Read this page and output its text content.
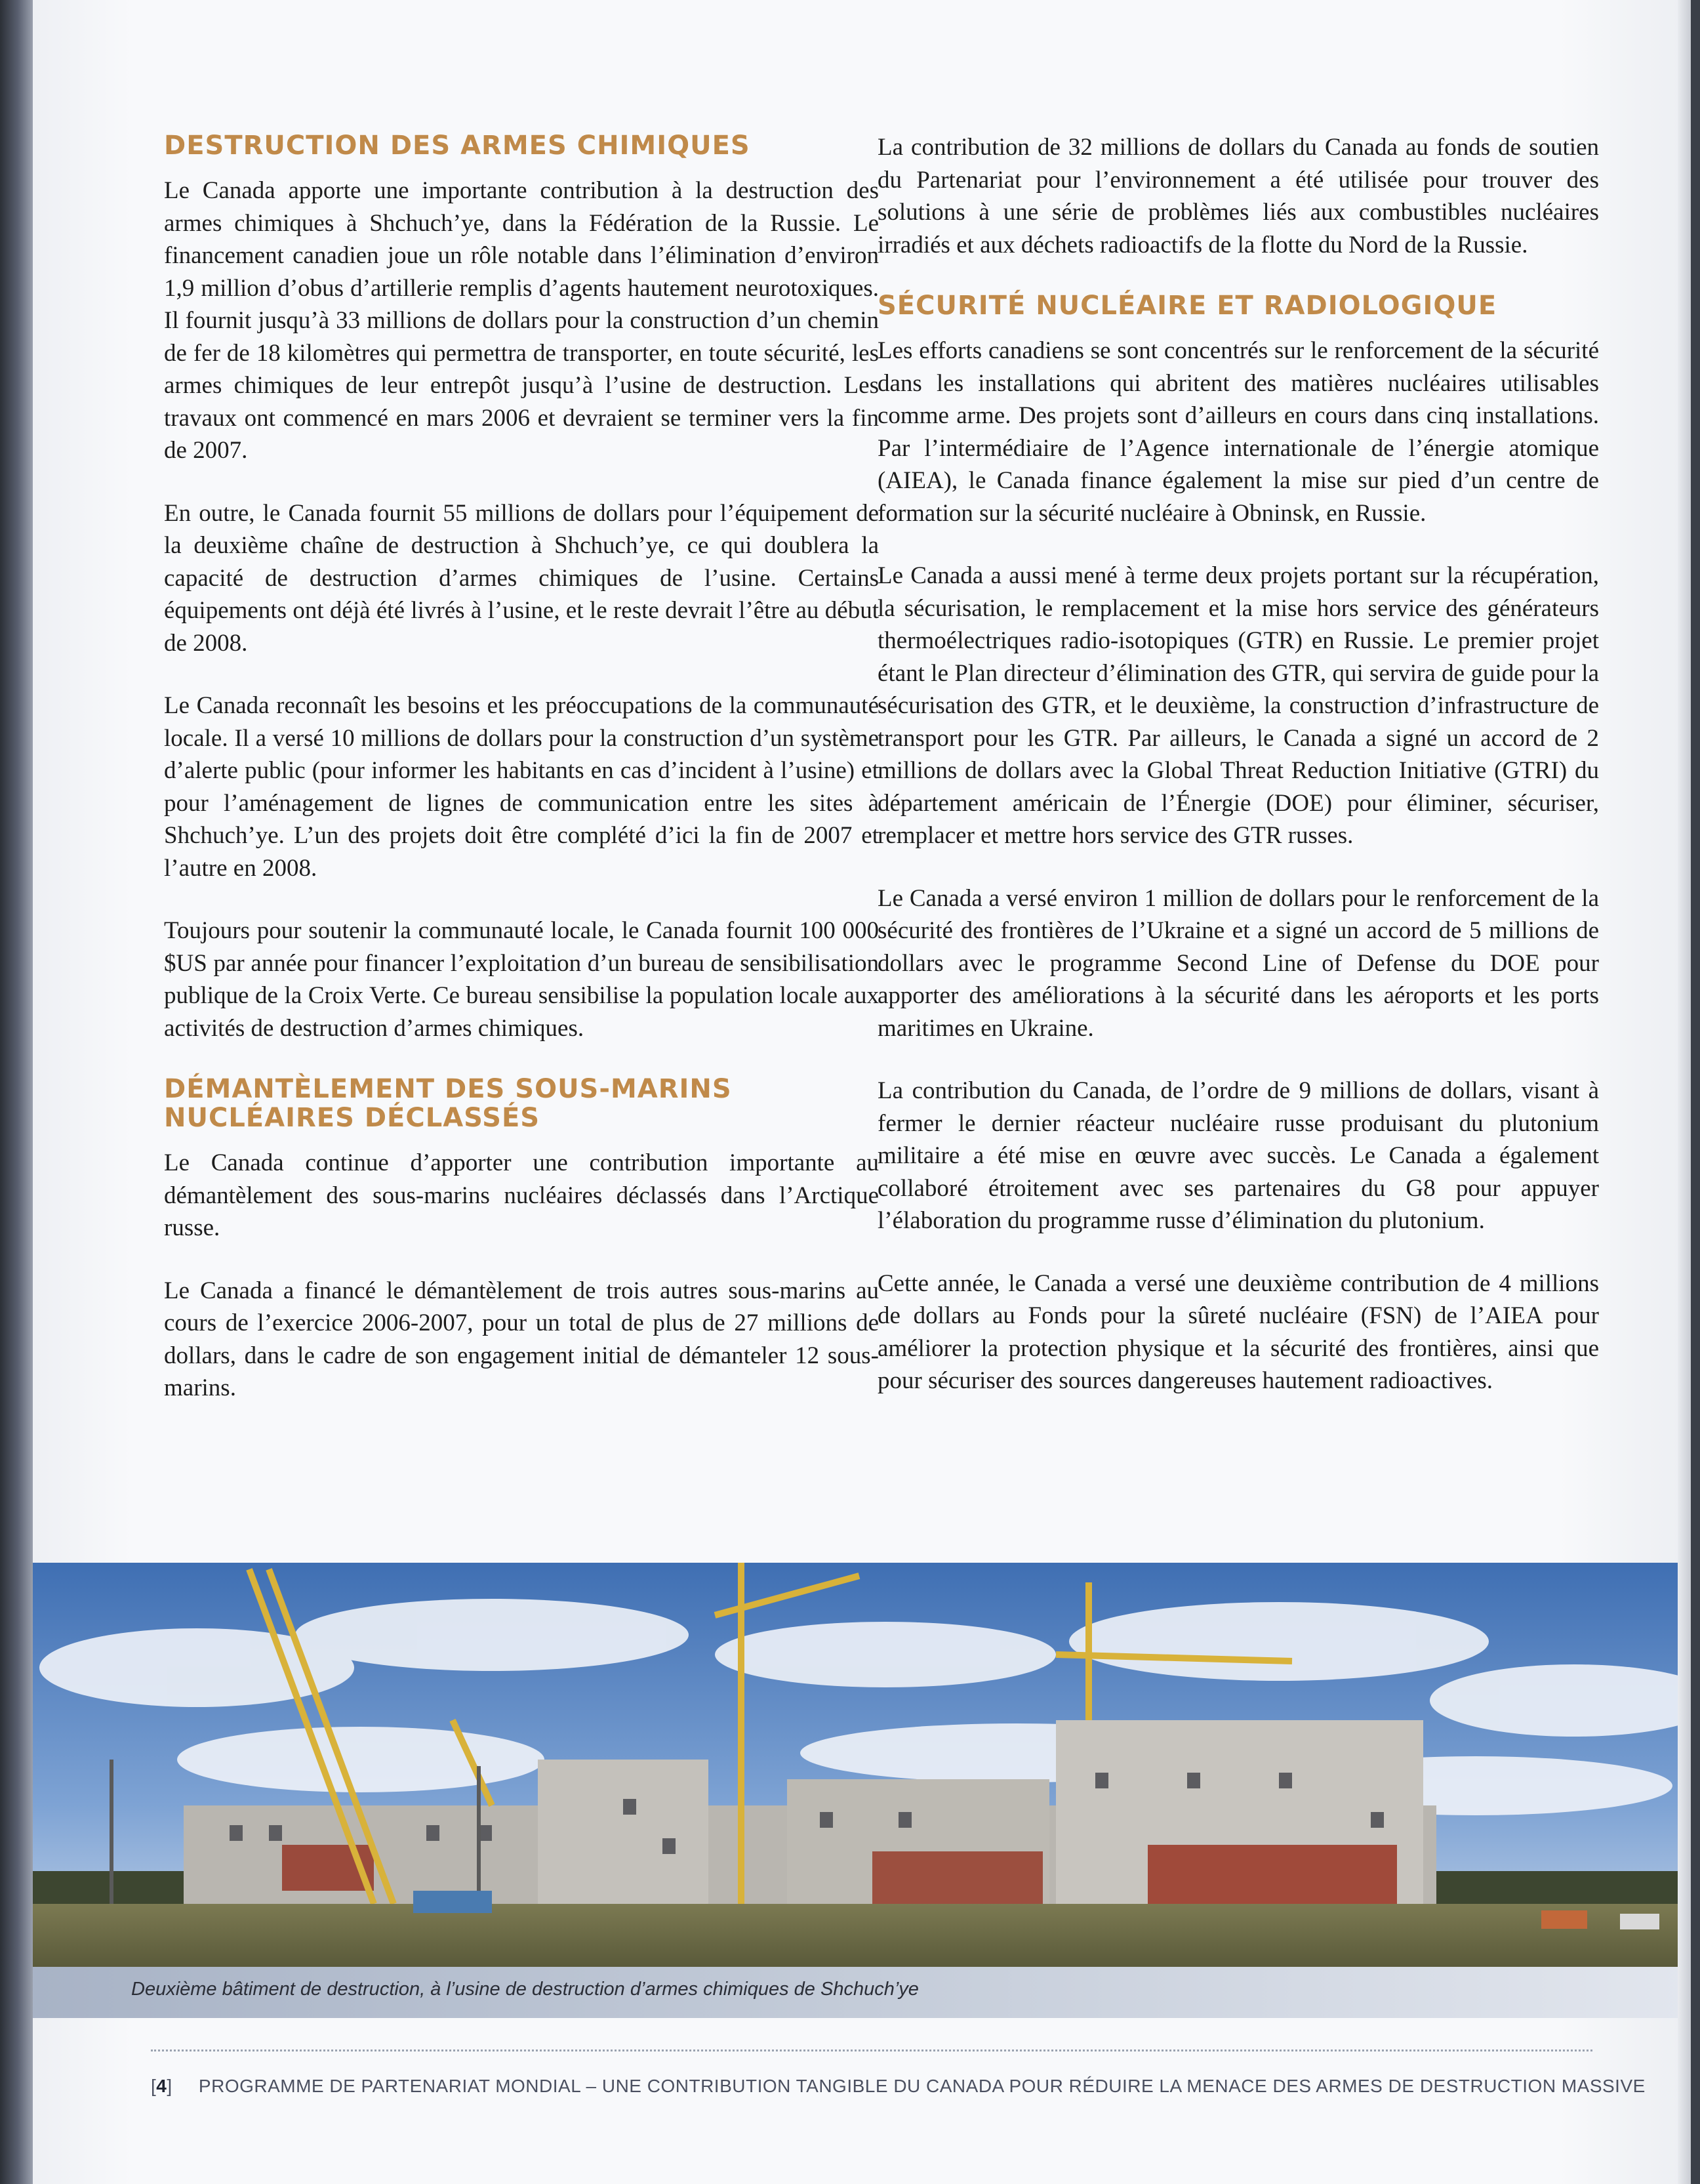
DESTRUCTION DES ARMES CHIMIQUES

Le Canada apporte une importante contribution à la destruction des armes chimiques à Shchuch’ye, dans la Fédération de la Russie. Le financement canadien joue un rôle notable dans l’élimination d’environ 1,9 million d’obus d’artillerie remplis d’agents hautement neurotoxiques. Il fournit jusqu’à 33 millions de dollars pour la construction d’un chemin de fer de 18 kilomètres qui permettra de transporter, en toute sécurité, les armes chimiques de leur entrepôt jusqu’à l’usine de destruction. Les travaux ont commencé en mars 2006 et devraient se terminer vers la fin de 2007.

En outre, le Canada fournit 55 millions de dollars pour l’équipement de la deuxième chaîne de destruction à Shchuch’ye, ce qui doublera la capacité de destruction d’armes chimiques de l’usine. Certains équipements ont déjà été livrés à l’usine, et le reste devrait l’être au début de 2008.

Le Canada reconnaît les besoins et les préoccupations de la communauté locale. Il a versé 10 millions de dollars pour la construction d’un système d’alerte public (pour informer les habitants en cas d’incident à l’usine) et pour l’aménagement de lignes de communication entre les sites à Shchuch’ye. L’un des projets doit être complété d’ici la fin de 2007 et l’autre en 2008.

Toujours pour soutenir la communauté locale, le Canada fournit 100 000 $US par année pour financer l’exploitation d’un bureau de sensibilisation publique de la Croix Verte. Ce bureau sensibilise la population locale aux activités de destruction d’armes chimiques.

DÉMANTÈLEMENT DES SOUS-MARINS NUCLÉAIRES DÉCLASSÉS

Le Canada continue d’apporter une contribution importante au démantèlement des sous-marins nucléaires déclassés dans l’Arctique russe.

Le Canada a financé le démantèlement de trois autres sous-marins au cours de l’exercice 2006-2007, pour un total de plus de 27 millions de dollars, dans le cadre de son engagement initial de démanteler 12 sous-marins.

La contribution de 32 millions de dollars du Canada au fonds de soutien du Partenariat pour l’environnement a été utilisée pour trouver des solutions à une série de problèmes liés aux combustibles nucléaires irradiés et aux déchets radioactifs de la flotte du Nord de la Russie.

SÉCURITÉ NUCLÉAIRE ET RADIOLOGIQUE

Les efforts canadiens se sont concentrés sur le renforcement de la sécurité dans les installations qui abritent des matières nucléaires utilisables comme arme. Des projets sont d’ailleurs en cours dans cinq installations. Par l’intermédiaire de l’Agence internationale de l’énergie atomique (AIEA), le Canada finance également la mise sur pied d’un centre de formation sur la sécurité nucléaire à Obninsk, en Russie.

Le Canada a aussi mené à terme deux projets portant sur la récupération, la sécurisation, le remplacement et la mise hors service des générateurs thermoélectriques radio-isotopiques (GTR) en Russie. Le premier projet étant le Plan directeur d’élimination des GTR, qui servira de guide pour la sécurisation des GTR, et le deuxième, la construction d’infrastructure de transport pour les GTR. Par ailleurs, le Canada a signé un accord de 2 millions de dollars avec la Global Threat Reduction Initiative (GTRI) du département américain de l’Énergie (DOE) pour éliminer, sécuriser, remplacer et mettre hors service des GTR russes.

Le Canada a versé environ 1 million de dollars pour le renforcement de la sécurité des frontières de l’Ukraine et a signé un accord de 5 millions de dollars avec le programme Second Line of Defense du DOE pour apporter des améliorations à la sécurité dans les aéroports et les ports maritimes en Ukraine.

La contribution du Canada, de l’ordre de 9 millions de dollars, visant à fermer le dernier réacteur nucléaire russe produisant du plutonium militaire a été mise en œuvre avec succès. Le Canada a également collaboré étroitement avec ses partenaires du G8 pour appuyer l’élaboration du programme russe d’élimination du plutonium.

Cette année, le Canada a versé une deuxième contribution de 4 millions de dollars au Fonds pour la sûreté nucléaire (FSN) de l’AIEA pour améliorer la protection physique et la sécurité des frontières, ainsi que pour sécuriser des sources dangereuses hautement radioactives.

Deuxième bâtiment de destruction, à l’usine de destruction d’armes chimiques de Shchuch’ye
[4] PROGRAMME DE PARTENARIAT MONDIAL – UNE CONTRIBUTION TANGIBLE DU CANADA POUR RÉDUIRE LA MENACE DES ARMES DE DESTRUCTION MASSIVE
